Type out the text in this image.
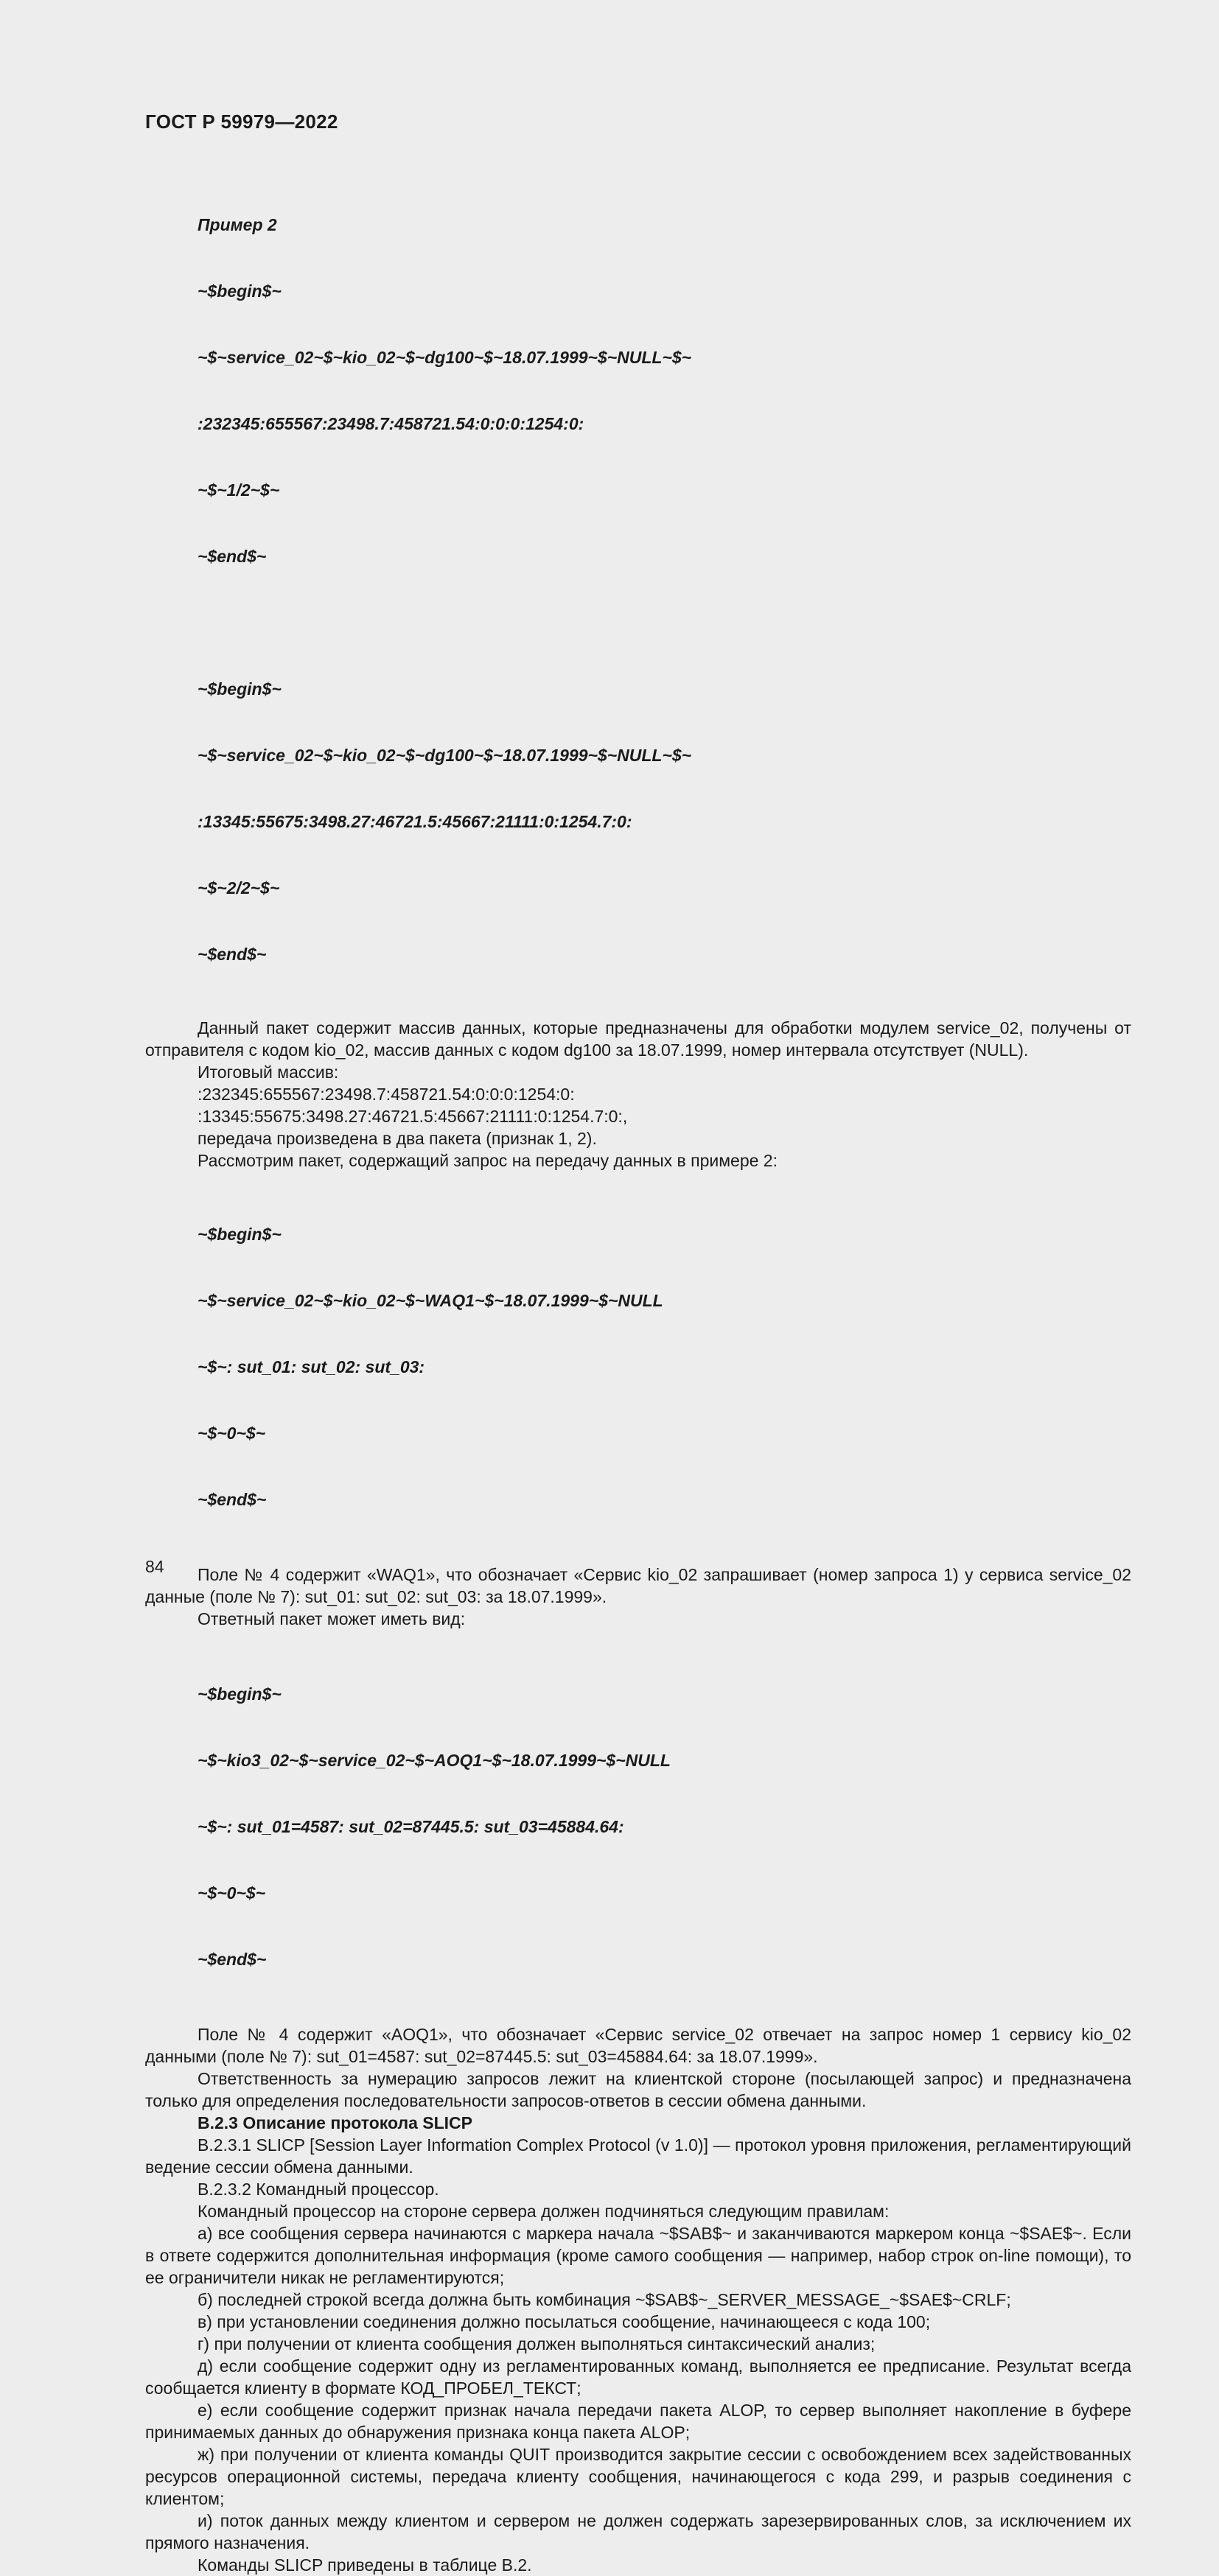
ГОСТ Р 59979—2022

Пример 2

~$begin$~

~$~service_02~$~kio_02~$~dg100~$~18.07.1999~$~NULL~$~

:232345:655567:23498.7:458721.54:0:0:0:1254:0:

~$~1/2~$~

~$end$~

~$begin$~

~$~service_02~$~kio_02~$~dg100~$~18.07.1999~$~NULL~$~

:13345:55675:3498.27:46721.5:45667:21111:0:1254.7:0:

~$~2/2~$~

~$end$~

Данный пакет содержит массив данных, которые предназначены для обработки модулем service_02, получены от отправителя с кодом kio_02, массив данных с кодом dg100 за 18.07.1999, номер интервала отсутствует (NULL).

Итоговый массив:
:232345:655567:23498.7:458721.54:0:0:0:1254:0:
:13345:55675:3498.27:46721.5:45667:21111:0:1254.7:0:,
передача произведена в два пакета (признак 1, 2).
Рассмотрим пакет, содержащий запрос на передачу данных в примере 2:

~$begin$~

~$~service_02~$~kio_02~$~WAQ1~$~18.07.1999~$~NULL

~$~: sut_01: sut_02: sut_03:

~$~0~$~

~$end$~

Поле № 4 содержит «WAQ1», что обозначает «Сервис kio_02 запрашивает (номер запроса 1) у сервиса service_02 данные (поле № 7): sut_01: sut_02: sut_03: за 18.07.1999».

Ответный пакет может иметь вид:

~$begin$~

~$~kio3_02~$~service_02~$~AOQ1~$~18.07.1999~$~NULL

~$~: sut_01=4587: sut_02=87445.5: sut_03=45884.64:

~$~0~$~

~$end$~

Поле № 4 содержит «AOQ1», что обозначает «Сервис service_02 отвечает на запрос номер 1 сервису kio_02 данными (поле № 7): sut_01=4587: sut_02=87445.5: sut_03=45884.64: за 18.07.1999».

Ответственность за нумерацию запросов лежит на клиентской стороне (посылающей запрос) и предназначена только для определения последовательности запросов-ответов в сессии обмена данными.

В.2.3 Описание протокола SLICP

В.2.3.1 SLICP [Session Layer Information Complex Protocol (v 1.0)] — протокол уровня приложения, регламентирующий ведение сессии обмена данными.

В.2.3.2 Командный процессор.

Командный процессор на стороне сервера должен подчиняться следующим правилам:

а) все сообщения сервера начинаются с маркера начала ~$SAB$~ и заканчиваются маркером конца ~$SAE$~. Если в ответе содержится дополнительная информация (кроме самого сообщения — например, набор строк on-line помощи), то ее ограничители никак не регламентируются;

б) последней строкой всегда должна быть комбинация ~$SAB$~_SERVER_MESSAGE_~$SAE$~CRLF;

в) при установлении соединения должно посылаться сообщение, начинающееся с кода 100;

г) при получении от клиента сообщения должен выполняться синтаксический анализ;

д) если сообщение содержит одну из регламентированных команд, выполняется ее предписание. Результат всегда сообщается клиенту в формате КОД_ПРОБЕЛ_ТЕКСТ;

е) если сообщение содержит признак начала передачи пакета ALOP, то сервер выполняет накопление в буфере принимаемых данных до обнаружения признака конца пакета ALOP;

ж) при получении от клиента команды QUIT производится закрытие сессии с освобождением всех задействованных ресурсов операционной системы, передача клиенту сообщения, начинающегося с кода 299, и разрыв соединения с клиентом;

и) поток данных между клиентом и сервером не должен содержать зарезервированных слов, за исключением их прямого назначения.

Команды SLICP приведены в таблице В.2.

84
